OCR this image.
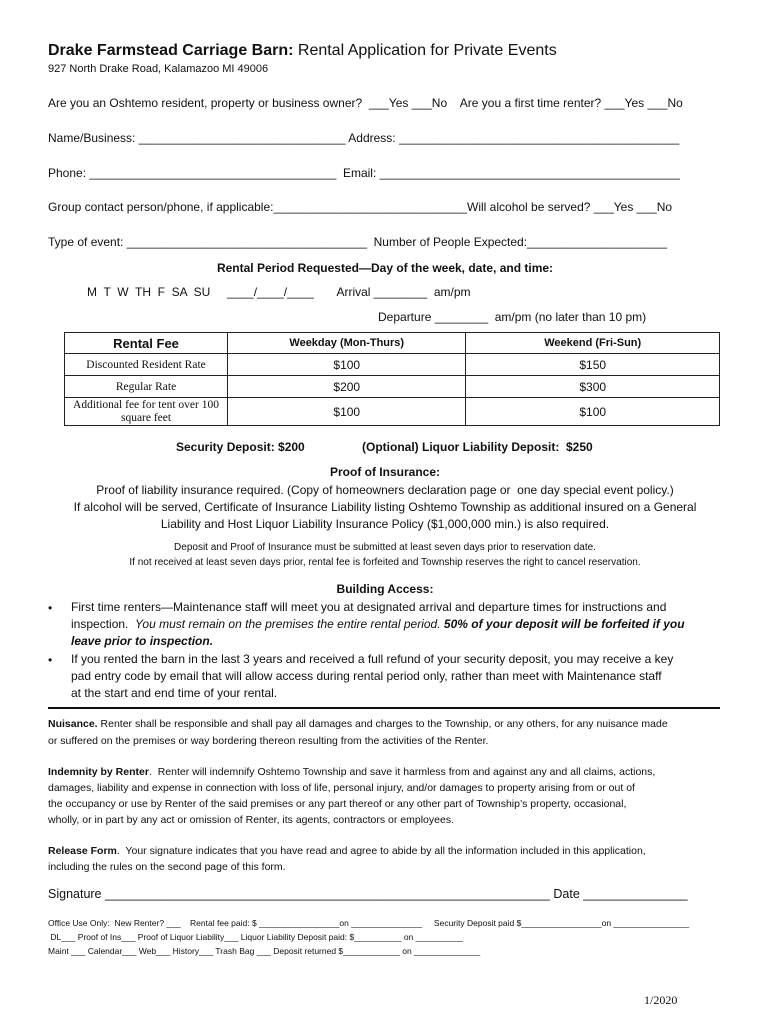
Drake Farmstead Carriage Barn: Rental Application for Private Events
927 North Drake Road, Kalamazoo MI 49006
Are you an Oshtemo resident, property or business owner?  ___Yes ___No    Are you a first time renter? ___Yes ___No
Name/Business: _______________________________ Address: __________________________________________
Phone: _____________________________________  Email: _____________________________________________
Group contact person/phone, if applicable:_____________________________Will alcohol be served? ___Yes ___No
Type of event: ____________________________________  Number of People Expected:_____________________
Rental Period Requested—Day of the week, date, and time:
M  T  W  TH  F  SA  SU     ____/____/____       Arrival ________  am/pm
Departure ________  am/pm (no later than 10 pm)
Rental Fee	Weekday (Mon-Thurs)	Weekend (Fri-Sun)
Discounted Resident Rate	$100	$150
Regular Rate	$200	$300
Additional fee for tent over 100 square feet	$100	$100
Security Deposit: $200	(Optional) Liquor Liability Deposit:  $250
Proof of Insurance:
Proof of liability insurance required. (Copy of homeowners declaration page or  one day special event policy.)
If alcohol will be served, Certificate of Insurance Liability listing Oshtemo Township as additional insured on a General
Liability and Host Liquor Liability Insurance Policy ($1,000,000 min.) is also required.
Deposit and Proof of Insurance must be submitted at least seven days prior to reservation date.
If not received at least seven days prior, rental fee is forfeited and Township reserves the right to cancel reservation.
Building Access:
• First time renters—Maintenance staff will meet you at designated arrival and departure times for instructions and
inspection.  You must remain on the premises the entire rental period. 50% of your deposit will be forfeited if you
leave prior to inspection.
• If you rented the barn in the last 3 years and received a full refund of your security deposit, you may receive a key
pad entry code by email that will allow access during rental period only, rather than meet with Maintenance staff
at the start and end time of your rental.
Nuisance. Renter shall be responsible and shall pay all damages and charges to the Township, or any others, for any nuisance made
or suffered on the premises or way bordering thereon resulting from the activities of the Renter.
Indemnity by Renter.  Renter will indemnify Oshtemo Township and save it harmless from and against any and all claims, actions,
damages, liability and expense in connection with loss of life, personal injury, and/or damages to property arising from or out of
the occupancy or use by Renter of the said premises or any part thereof or any other part of Township’s property, occasional,
wholly, or in part by any act or omission of Renter, its agents, contractors or employees.
Release Form.  Your signature indicates that you have read and agree to abide by all the information included in this application,
including the rules on the second page of this form.
Signature ________________________________________________________________ Date _______________
Office Use Only:  New Renter? ___    Rental fee paid: $ _________________on _______________     Security Deposit paid $_________________on ________________
DL___ Proof of Ins___ Proof of Liquor Liability___ Liquor Liability Deposit paid: $__________ on __________
Maint ___ Calendar___ Web___ History___ Trash Bag ___ Deposit returned $____________ on ______________
1/2020
